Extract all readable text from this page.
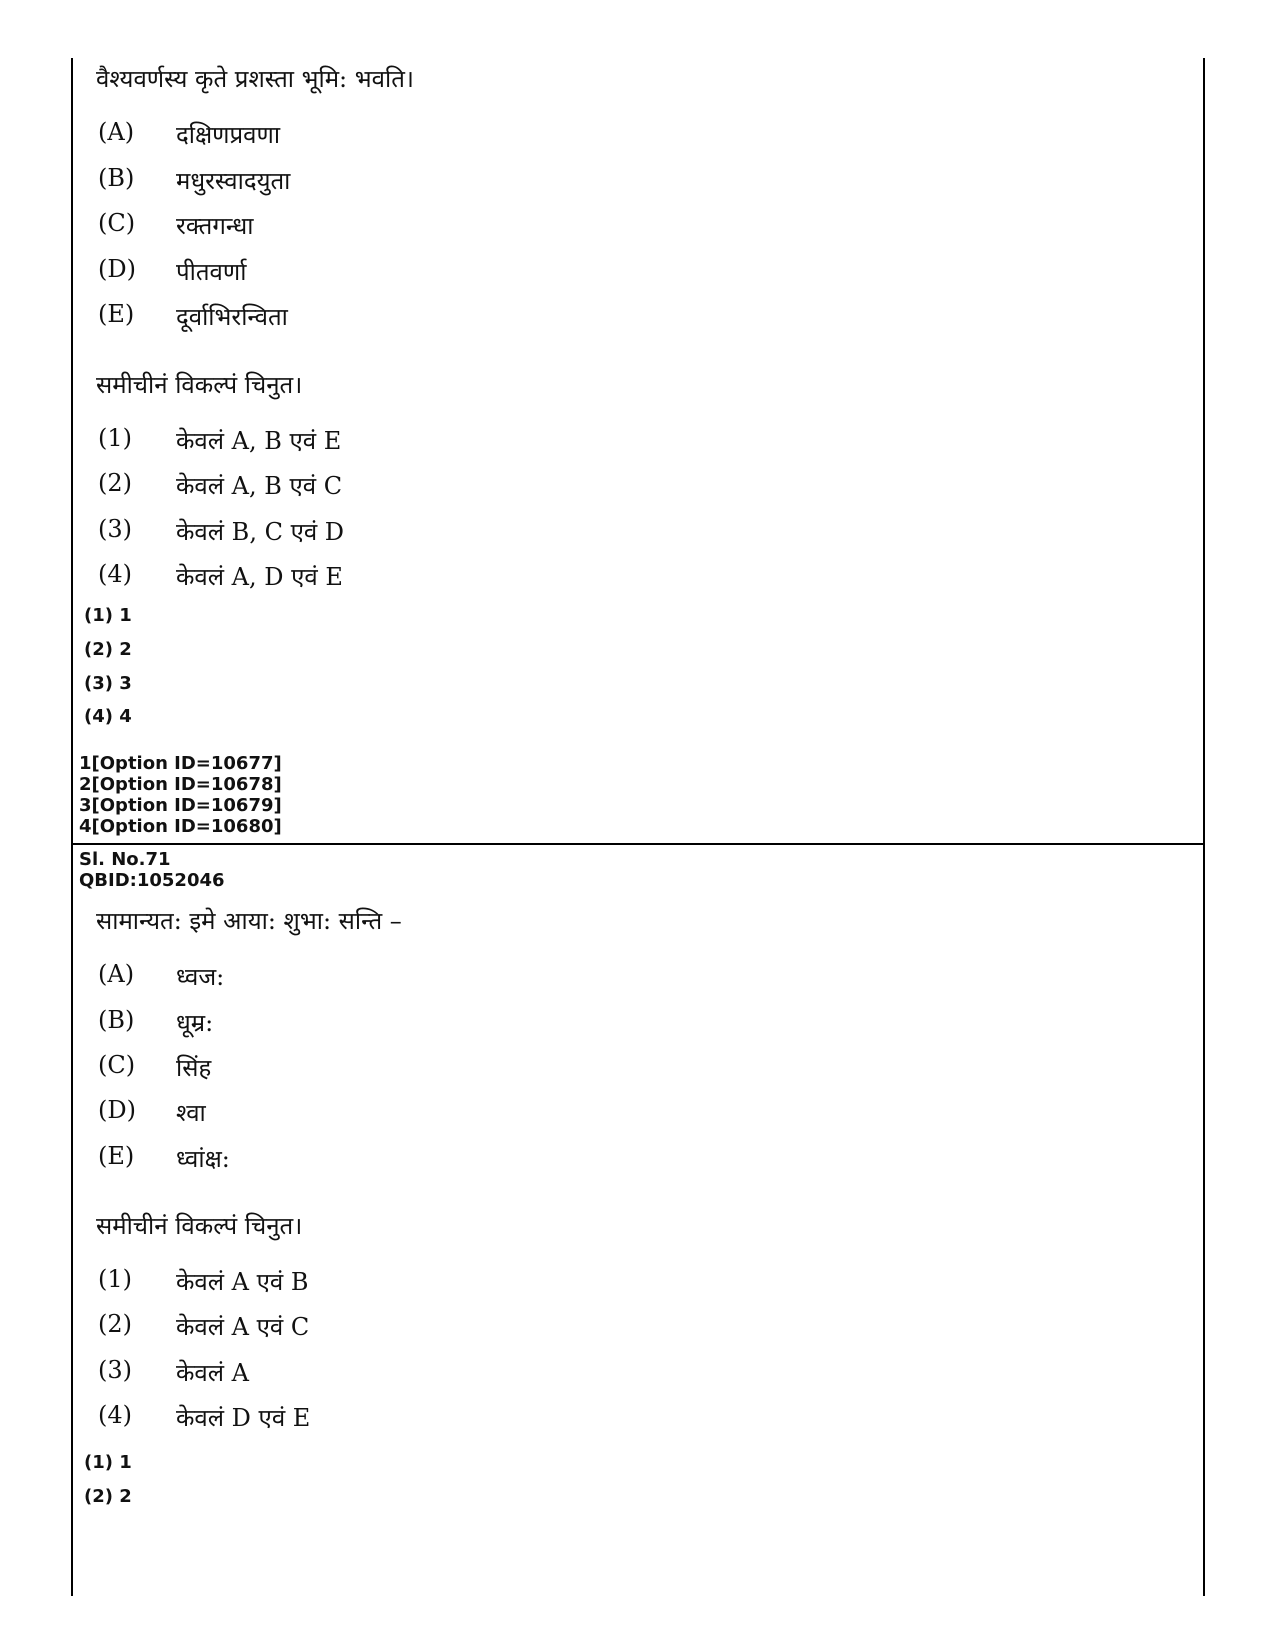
वैश्यवर्णस्य कृते प्रशस्ता भूमि: भवति।
(A) दक्षिणप्रवणा
(B) मधुरस्वादयुता
(C) रक्तगन्धा
(D) पीतवर्णा
(E) दूर्वाभिरन्विता
समीचीनं विकल्पं चिनुत।
(1) केवलं A, B एवं E
(2) केवलं A, B एवं C
(3) केवलं B, C एवं D
(4) केवलं A, D एवं E
(1) 1
(2) 2
(3) 3
(4) 4
1[Option ID=10677]
2[Option ID=10678]
3[Option ID=10679]
4[Option ID=10680]
Sl. No.71
QBID:1052046
सामान्यत: इमे आया: शुभा: सन्ति –
(A) ध्वज:
(B) धूम्र:
(C) सिंह
(D) श्वा
(E) ध्वांक्ष:
समीचीनं विकल्पं चिनुत।
(1) केवलं A एवं B
(2) केवलं A एवं C
(3) केवलं A
(4) केवलं D एवं E
(1) 1
(2) 2
